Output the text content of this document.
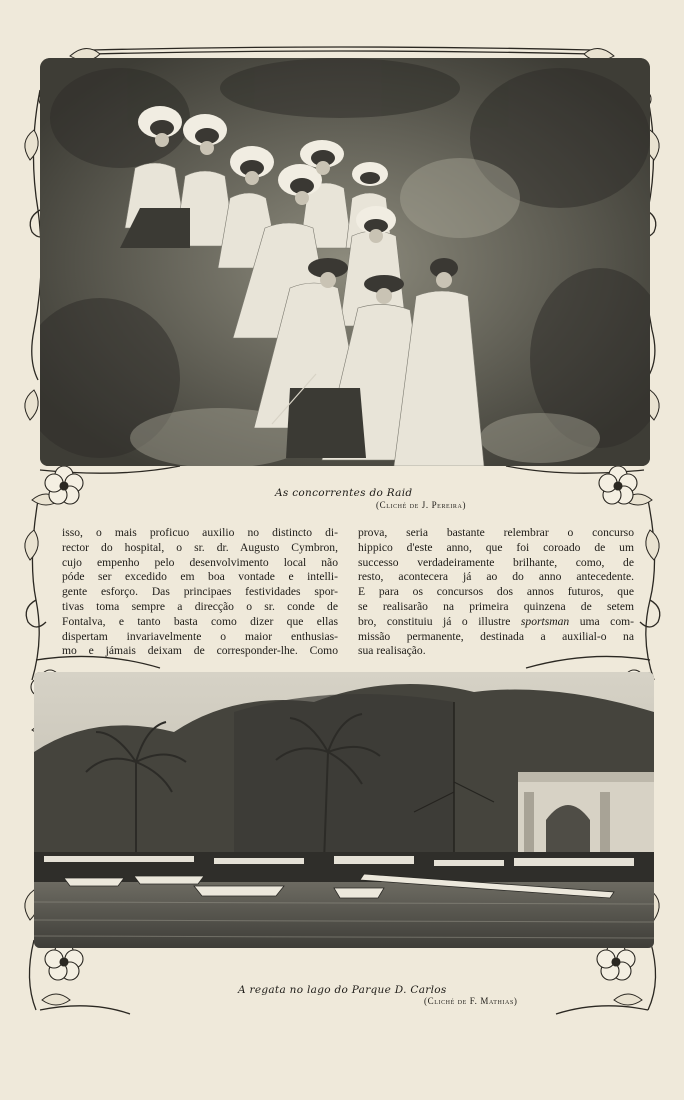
As concorrentes do Raid
(Cliché de J. Pereira)
isso, o mais proficuo auxilio no distincto di-
rector do hospital, o sr. dr. Augusto Cymbron,
cujo empenho pelo desenvolvimento local não
póde ser excedido em boa vontade e intelli-
gente esforço. Das principaes festividades spor-
tivas toma sempre a direcção o sr. conde de
Fontalva, e tanto basta como dizer que ellas
dispertam invariavelmente o maior enthusias-
mo e jámais deixam de corresponder-lhe. Como
prova, seria bastante relembrar o concurso
hippico d'este anno, que foi coroado de um
successo verdadeiramente brilhante, como, de
resto, acontecera já ao do anno antecedente.
E para os concursos dos annos futuros, que
se realisarão na primeira quinzena de setem
bro, constituiu já o illustre sportsman uma com-
missão permanente, destinada a auxilial-o na
sua realisação.
A regata no lago do Parque D. Carlos
(Cliché de F. Mathias)
